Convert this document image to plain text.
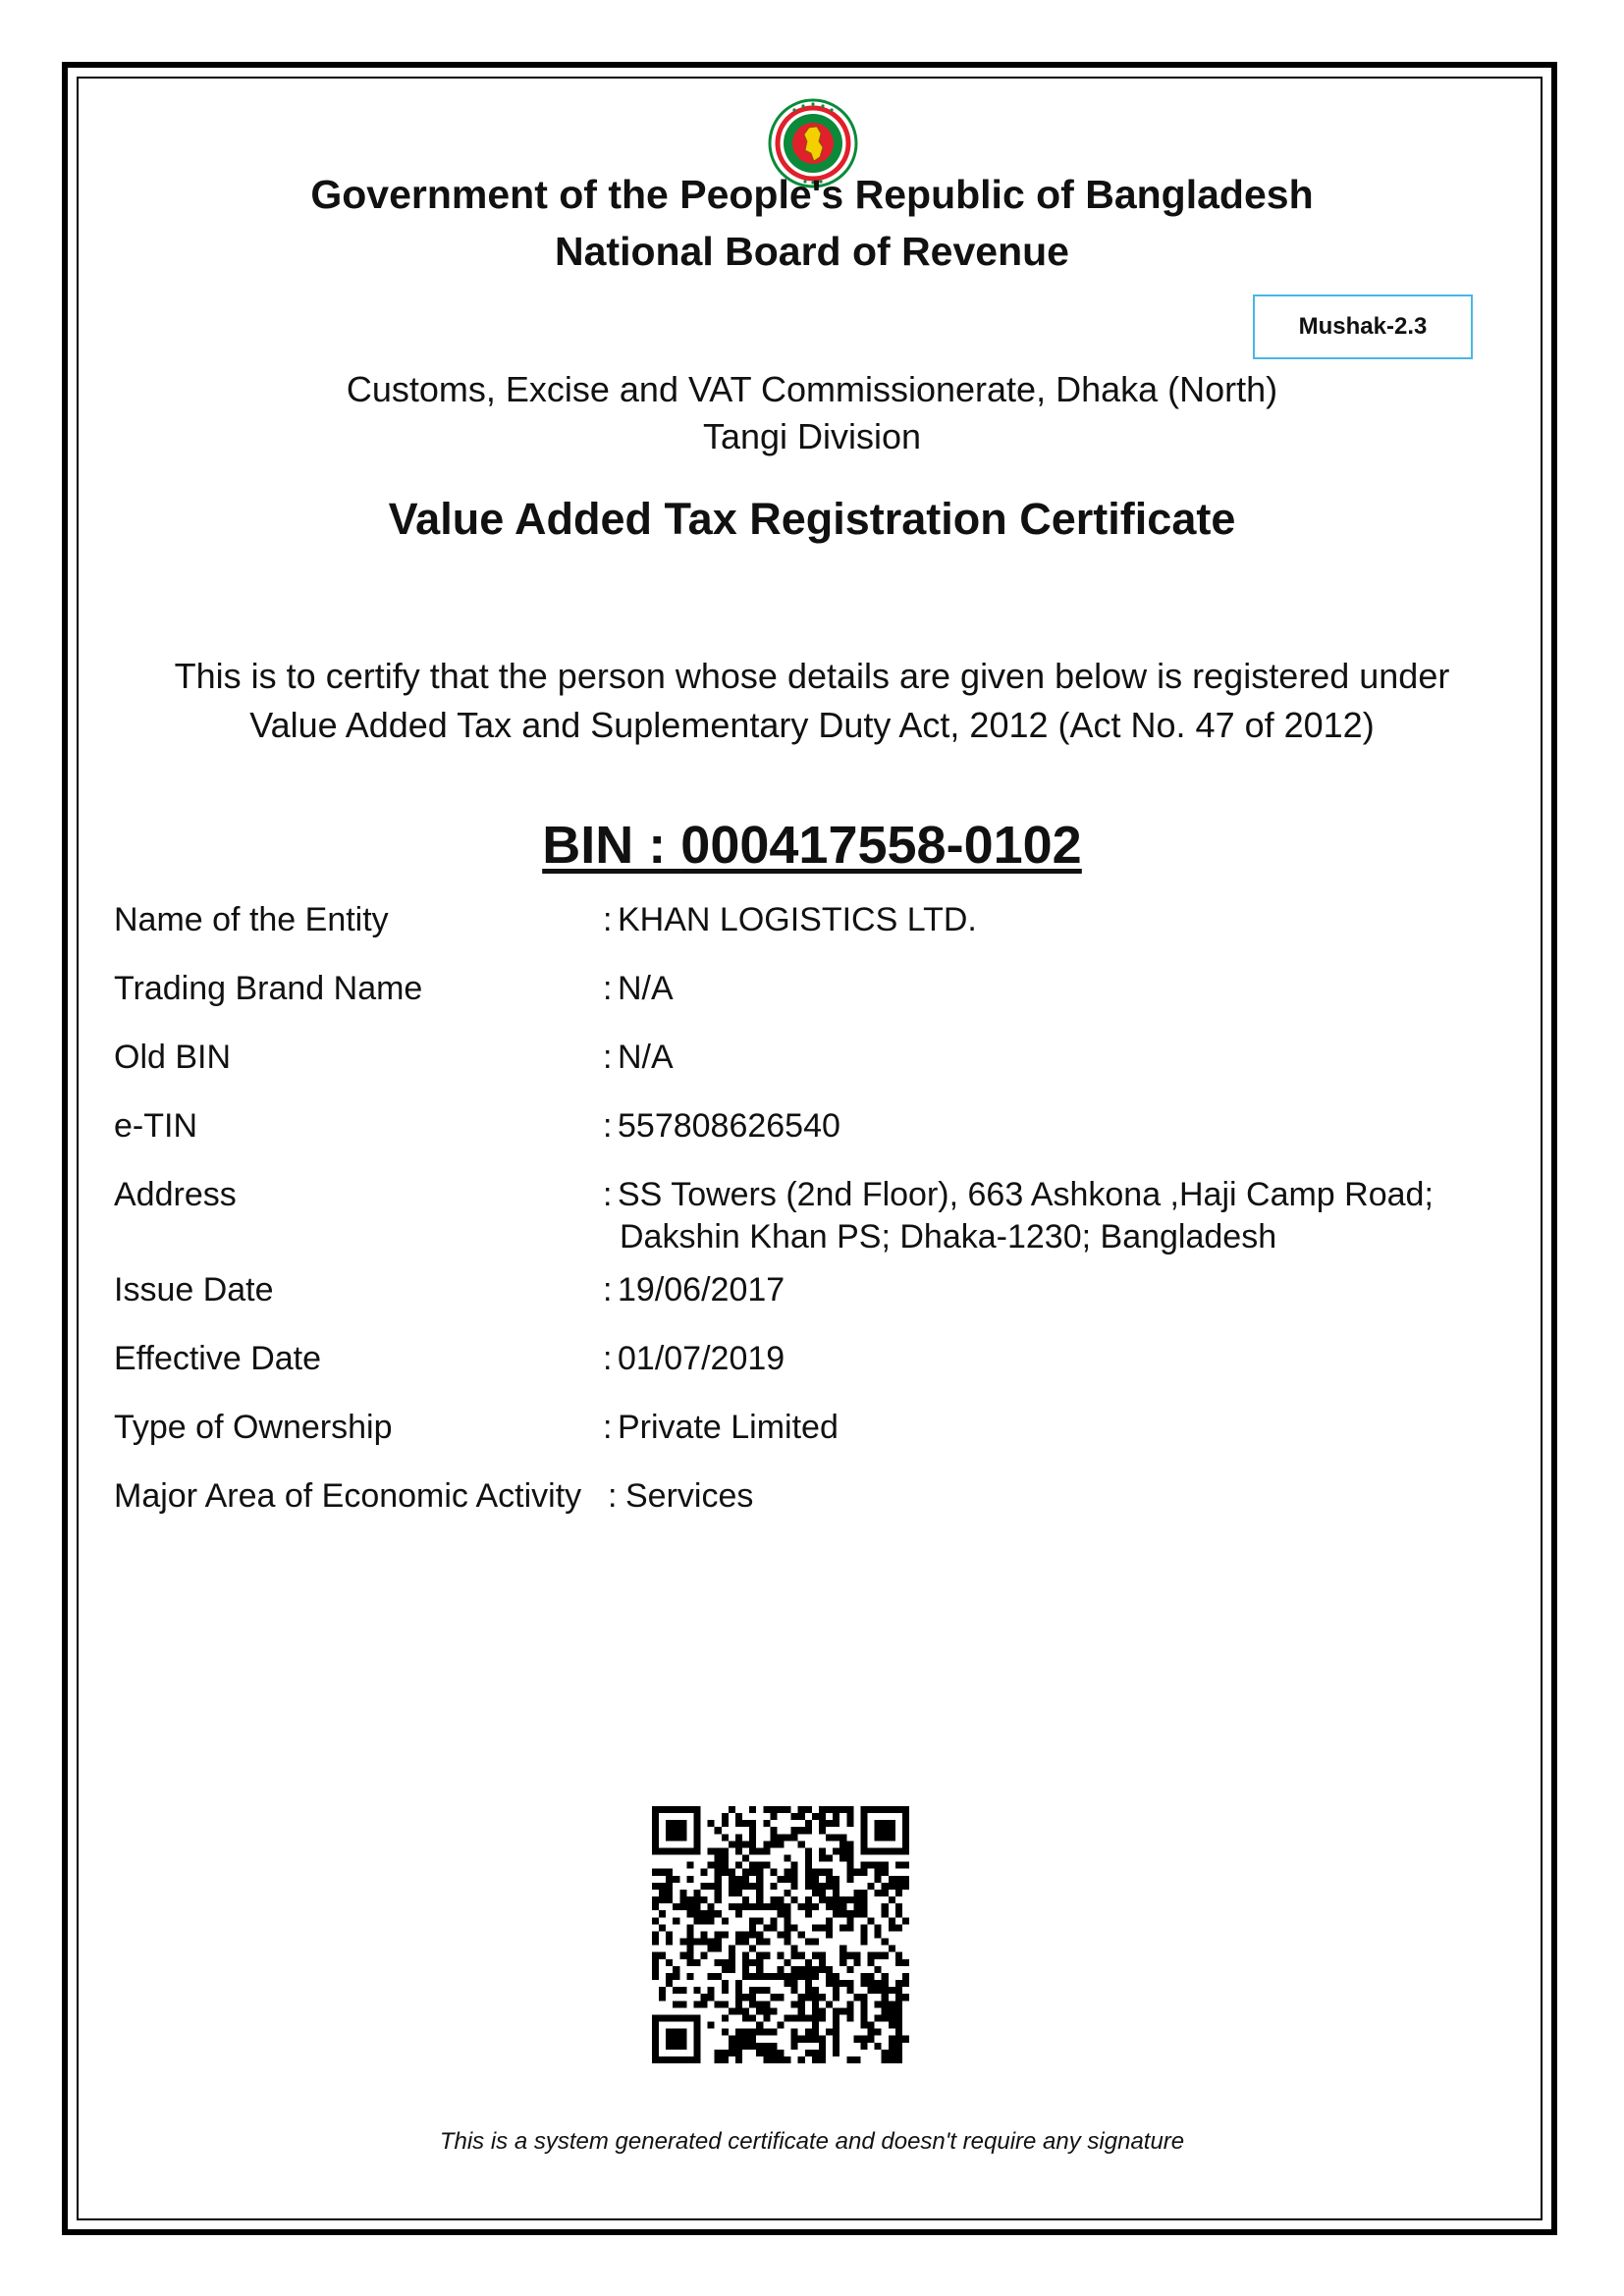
Government of the People's Republic of Bangladesh
National Board of Revenue
Mushak-2.3
Customs, Excise and VAT Commissionerate, Dhaka (North)
Tangi Division
Value Added Tax Registration Certificate
This is to certify that the person whose details are given below is registered under
Value Added Tax and Suplementary Duty Act, 2012 (Act No. 47 of 2012)
BIN : 000417558-0102
Name of the Entity	: KHAN LOGISTICS LTD.
Trading Brand Name	: N/A
Old BIN	: N/A
e-TIN	: 557808626540
Address	: SS Towers (2nd Floor), 663 Ashkona ,Haji Camp Road;
Dakshin Khan PS; Dhaka-1230; Bangladesh
Issue Date	: 19/06/2017
Effective Date	: 01/07/2019
Type of Ownership	: Private Limited
Major Area of Economic Activity : Services
This is a system generated certificate and doesn't require any signature
